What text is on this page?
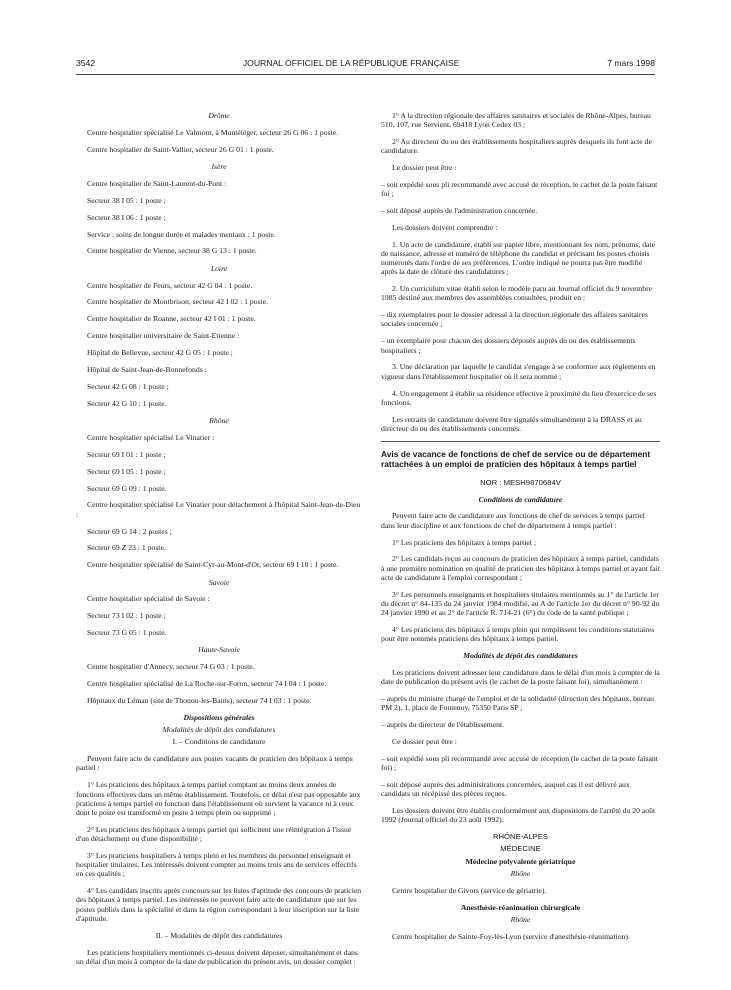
3542	JOURNAL OFFICIEL DE LA RÉPUBLIQUE FRANÇAISE	7 mars 1998

Drôme

Centre hospitalier spécialisé Le Valmont, à Montéléger, secteur 26 G 06 : 1 poste.

Centre hospitalier de Saint-Vallier, secteur 26 G 01 : 1 poste.

Isère

Centre hospitalier de Saint-Laurent-du-Pont :

Secteur 38 I 05 : 1 poste ;

Secteur 38 I 06 : 1 poste ;

Service : soins de longue durée et malades mentaux : 1 poste.

Centre hospitalier de Vienne, secteur 38 G 13 : 1 poste.

Loire

Centre hospitalier de Feurs, secteur 42 G 04 : 1 poste.

Centre hospitalier de Montbrison, secteur 42 I 02 : 1 poste.

Centre hospitalier de Roanne, secteur 42 I 01 : 1 poste.

Centre hospitalier universitaire de Saint-Etienne :

Hôpital de Bellevue, secteur 42 G 05 : 1 poste ;

Hôpital de Saint-Jean-de-Bonnefonds :

Secteur 42 G 08 : 1 poste ;

Secteur 42 G 10 : 1 poste.

Rhône

Centre hospitalier spécialisé Le Vinatier :

Secteur 69 I 01 : 1 poste ;

Secteur 69 I 05 : 1 poste ;

Secteur 69 G 09 : 1 poste.

Centre hospitalier spécialisé Le Vinatier pour détachement à l'hôpital Saint-Jean-de-Dieu :

Secteur 69 G 14 : 2 postes ;

Secteur 69 Z 23 : 1 poste.

Centre hospitalier spécialisé de Saint-Cyr-au-Mont-d'Or, secteur 69 I 10 : 1 poste.

Savoie

Centre hospitalier spécialisé de Savoie :

Secteur 73 I 02 : 1 poste ;

Secteur 73 G 05 : 1 poste.

Haute-Savoie

Centre hospitalier d'Annecy, secteur 74 G 03 : 1 poste.

Centre hospitalier spécialisé de La Roche-sur-Foron, secteur 74 I 04 : 1 poste.

Hôpitaux du Léman (site de Thonon-les-Bains), secteur 74 I 03 : 1 poste.

Dispositions générales

Modalités de dépôt des candidatures

I. – Conditions de candidature

Peuvent faire acte de candidature aux postes vacants de praticien des hôpitaux à temps partiel :

1° Les praticiens des hôpitaux à temps partiel comptant au moins deux années de fonctions effectives dans un même établissement. Toutefois, ce délai n'est pas opposable aux praticiens à temps partiel en fonction dans l'établissement où survient la vacance ni à ceux dont le poste est transformé en poste à temps plein ou supprimé ;

2° Les praticiens des hôpitaux à temps partiel qui sollicitent une réintégration à l'issue d'un détachement ou d'une disponibilité ;

3° Les praticiens hospitaliers à temps plein et les membres du personnel enseignant et hospitalier titulaires. Les intéressés doivent compter au moins trois ans de services effectifs en ces qualités ;

4° Les candidats inscrits après concours sur les listes d'aptitude des concours de praticien des hôpitaux à temps partiel. Les intéressés ne peuvent faire acte de candidature que sur les postes publiés dans la spécialité et dans la région correspondant à leur inscription sur la liste d'aptitude.

II. – Modalités de dépôt des candidatures

Les praticiens hospitaliers mentionnés ci-dessus doivent déposer, simultanément et dans un délai d'un mois à compter de la date de publication du présent avis, un dossier complet :

1° A la direction régionale des affaires sanitaires et sociales de Rhône-Alpes, bureau 510, 107, rue Servient, 69418 Lyon Cedex 03 ;

2° Au directeur du ou des établissements hospitaliers auprès desquels ils font acte de candidature.

Le dossier peut être :

– soit expédié sous pli recommandé avec accusé de réception, le cachet de la poste faisant foi ;

– soit déposé auprès de l'administration concernée.

Les dossiers doivent comprendre :

1. Un acte de candidature, établi sur papier libre, mentionnant les nom, prénoms, date de naissance, adresse et numéro de téléphone du candidat et précisant les postes choisis numérotés dans l'ordre de ses préférences. L'ordre indiqué ne pourra pas être modifié après la date de clôture des candidatures ;

2. Un curriculum vitae établi selon le modèle paru au Journal officiel du 9 novembre 1985 destiné aux membres des assemblées consultées, produit en :

– dix exemplaires pour le dossier adressé à la direction régionale des affaires sanitaires sociales concernée ;

– un exemplaire pour chacun des dossiers déposés auprès du ou des établissements hospitaliers ;

3. Une déclaration par laquelle le candidat s'engage à se conformer aux règlements en vigueur dans l'établissement hospitalier où il sera nommé ;

4. Un engagement à établir sa résidence effective à proximité du lieu d'exercice de ses fonctions.

Les retraits de candidature doivent être signalés simultanément à la DRASS et au directeur du ou des établissements concernés.

Avis de vacance de fonctions de chef de service ou de département rattachées à un emploi de praticien des hôpitaux à temps partiel

NOR : MESH9870684V

Conditions de candidature

Peuvent faire acte de candidature aux fonctions de chef de services à temps partiel dans leur discipline et aux fonctions de chef de département à temps partiel :

1° Les praticiens des hôpitaux à temps partiel ;

2° Les candidats reçus au concours de praticien des hôpitaux à temps partiel, candidats à une première nomination en qualité de praticien des hôpitaux à temps partiel et ayant fait acte de candidature à l'emploi correspondant ;

3° Les personnels enseignants et hospitaliers titulaires mentionnés au 1° de l'article 1er du décret n° 84-135 du 24 janvier 1984 modifié, au A de l'article 1er du décret n° 90-92 du 24 janvier 1990 et au 2° de l'article R. 714-21 (6°) du code de la santé publique ;

4° Les praticiens des hôpitaux à temps plein qui remplissent les conditions statutaires pour être nommés praticiens des hôpitaux à temps partiel.

Modalités de dépôt des candidatures

Les praticiens doivent adresser leur candidature dans le délai d'un mois à compter de la date de publication du présent avis (le cachet de la poste faisant foi), simultanément :

– auprès du ministre chargé de l'emploi et de la solidarité (direction des hôpitaux, bureau PM 2), 1, place de Fontenoy, 75350 Paris SP ;

– auprès du directeur de l'établissement.

Ce dossier peut être :

– soit expédié sous pli recommandé avec accusé de réception (le cachet de la poste faisant foi) ;

– soit déposé auprès des administrations concernées, auquel cas il est délivré aux candidats un récépissé des pièces reçues.

Les dossiers doivent être établis conformément aux dispositions de l'arrêté du 20 août 1992 (Journal officiel du 23 août 1992).

RHÔNE-ALPES

MÉDECINE

Médecine polyvalente gériatrique

Rhône

Centre hospitalier de Givors (service de gériatrie).

Anesthésie-réanimation chirurgicale

Rhône

Centre hospitalier de Sainte-Foy-lès-Lyon (service d'anesthésie-réanimation).
